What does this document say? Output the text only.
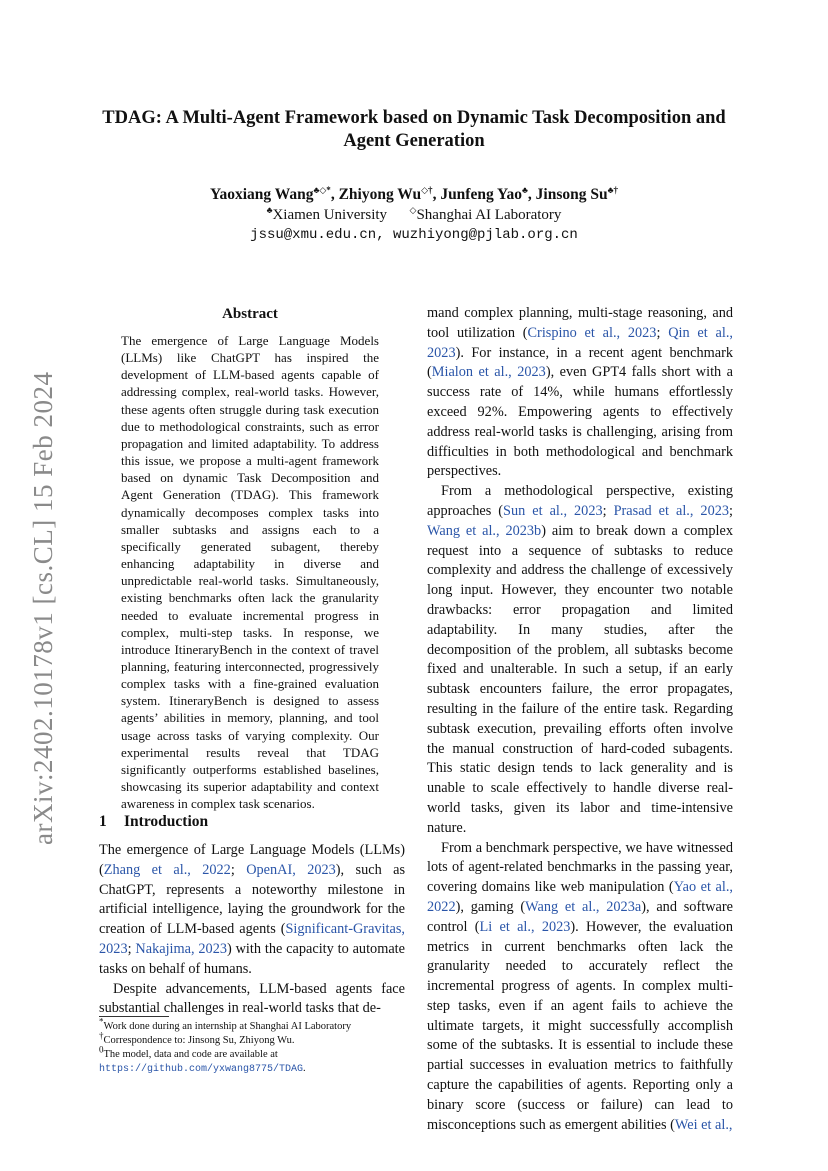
arXiv:2402.10178v1 [cs.CL] 15 Feb 2024
TDAG: A Multi-Agent Framework based on Dynamic Task Decomposition and Agent Generation
Yaoxiang Wang♣◇*, Zhiyong Wu◇†, Junfeng Yao♣, Jinsong Su♣†
♣Xiamen University	◇Shanghai AI Laboratory
jssu@xmu.edu.cn, wuzhiyong@pjlab.org.cn
Abstract
The emergence of Large Language Models (LLMs) like ChatGPT has inspired the development of LLM-based agents capable of addressing complex, real-world tasks. However, these agents often struggle during task execution due to methodological constraints, such as error propagation and limited adaptability. To address this issue, we propose a multi-agent framework based on dynamic Task Decomposition and Agent Generation (TDAG). This framework dynamically decomposes complex tasks into smaller subtasks and assigns each to a specifically generated subagent, thereby enhancing adaptability in diverse and unpredictable real-world tasks. Simultaneously, existing benchmarks often lack the granularity needed to evaluate incremental progress in complex, multi-step tasks. In response, we introduce ItineraryBench in the context of travel planning, featuring interconnected, progressively complex tasks with a fine-grained evaluation system. ItineraryBench is designed to assess agents’ abilities in memory, planning, and tool usage across tasks of varying complexity. Our experimental results reveal that TDAG significantly outperforms established baselines, showcasing its superior adaptability and context awareness in complex task scenarios.
1 Introduction

The emergence of Large Language Models (LLMs) (Zhang et al., 2022; OpenAI, 2023), such as ChatGPT, represents a noteworthy milestone in artificial intelligence, laying the groundwork for the creation of LLM-based agents (Significant-Gravitas, 2023; Nakajima, 2023) with the capacity to automate tasks on behalf of humans.

Despite advancements, LLM-based agents face substantial challenges in real-world tasks that de-

*Work done during an internship at Shanghai AI Laboratory
†Correspondence to: Jinsong Su, Zhiyong Wu.
$^0$The model, data and code are available at https://github.com/yxwang8775/TDAG.

mand complex planning, multi-stage reasoning, and tool utilization (Crispino et al., 2023; Qin et al., 2023). For instance, in a recent agent benchmark (Mialon et al., 2023), even GPT4 falls short with a success rate of 14%, while humans effortlessly exceed 92%. Empowering agents to effectively address real-world tasks is challenging, arising from difficulties in both methodological and benchmark perspectives.

From a methodological perspective, existing approaches (Sun et al., 2023; Prasad et al., 2023; Wang et al., 2023b) aim to break down a complex request into a sequence of subtasks to reduce complexity and address the challenge of excessively long input. However, they encounter two notable drawbacks: error propagation and limited adaptability. In many studies, after the decomposition of the problem, all subtasks become fixed and unalterable. In such a setup, if an early subtask encounters failure, the error propagates, resulting in the failure of the entire task. Regarding subtask execution, prevailing efforts often involve the manual construction of hard-coded subagents. This static design tends to lack generality and is unable to scale effectively to handle diverse real-world tasks, given its labor and time-intensive nature.

From a benchmark perspective, we have witnessed lots of agent-related benchmarks in the passing year, covering domains like web manipulation (Yao et al., 2022), gaming (Wang et al., 2023a), and software control (Li et al., 2023). However, the evaluation metrics in current benchmarks often lack the granularity needed to accurately reflect the incremental progress of agents. In complex multi-step tasks, even if an agent fails to achieve the ultimate targets, it might successfully accomplish some of the subtasks. It is essential to include these partial successes in evaluation metrics to faithfully capture the capabilities of agents. Reporting only a binary score (success or failure) can lead to misconceptions such as emergent abilities (Wei et al.,
